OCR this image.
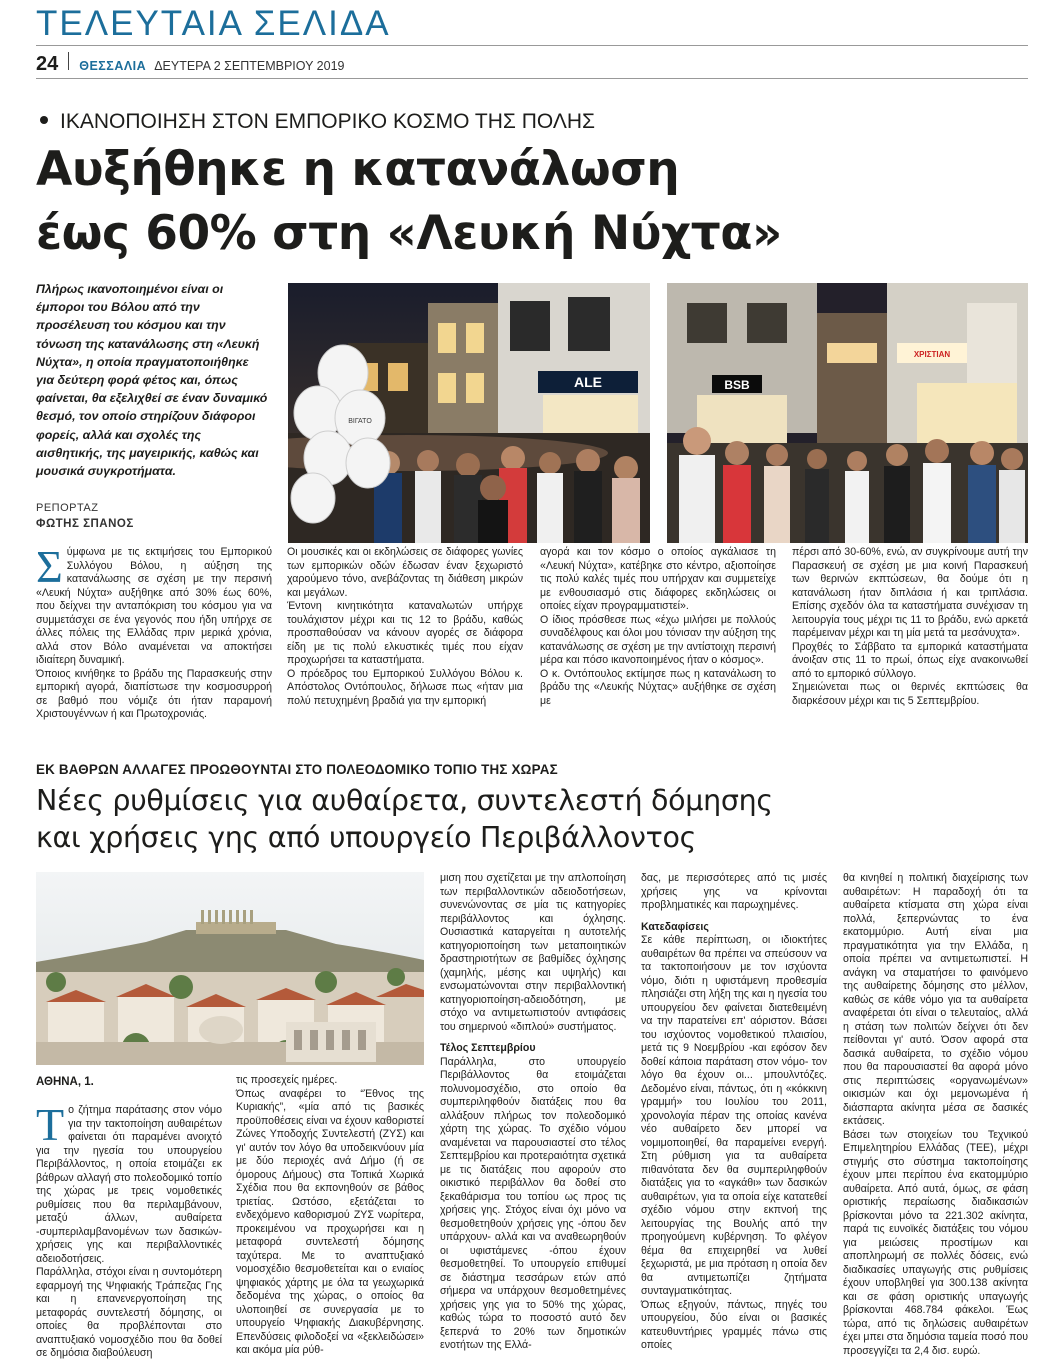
ΤΕΛΕΥΤΑΙΑ ΣΕΛΙΔΑ
24 ΘΕΣΣΑΛΙΑ ΔΕΥΤΕΡΑ 2 ΣΕΠΤΕΜΒΡΙΟΥ 2019
ΙΚΑΝΟΠΟΙΗΣΗ ΣΤΟΝ ΕΜΠΟΡΙΚΟ ΚΟΣΜΟ ΤΗΣ ΠΟΛΗΣ
Αυξήθηκε η κατανάλωση
έως 60% στη «Λευκή Νύχτα»
Πλήρως ικανοποιημένοι είναι οι έμποροι του Βόλου από την προσέλευση του κόσμου και την τόνωση της κατανάλωσης στη «Λευκή Νύχτα», η οποία πραγματοποιήθηκε για δεύτερη φορά φέτος και, όπως φαίνεται, θα εξελιχθεί σε έναν δυναμικό θεσμό, τον οποίο στηρίζουν διάφοροι φορείς, αλλά και σχολές της αισθητικής, της μαγειρικής, καθώς και μουσικά συγκροτήματα.
ΡΕΠΟΡΤΑΖ
ΦΩΤΗΣ ΣΠΑΝΟΣ
ALE
ΒΙΓΑΤΟ
BSB
ΧΡΙΣΤΙΑΝ
Σ ύμφωνα με τις εκτιμήσεις του Εμπορικού Συλλόγου Βόλου, η αύξηση της κατανάλωσης σε σχέση με την περσινή «Λευκή Νύχτα» αυξήθηκε από 30% έως 60%, που δείχνει την ανταπόκριση του κόσμου για να συμμετάσχει σε ένα γεγονός που ήδη υπήρχε σε άλλες πόλεις της Ελλάδας πριν μερικά χρόνια, αλλά στον Βόλο αναμένεται να αποκτήσει ιδιαίτερη δυναμική.

Όποιος κινήθηκε το βράδυ της Παρασκευής στην εμπορική αγορά, διαπίστωσε την κοσμοσυρροή σε βαθμό που νόμιζε ότι ήταν παραμονή Χριστουγέννων ή και Πρωτοχρονιάς.

Οι μουσικές και οι εκδηλώσεις σε διάφορες γωνίες των εμπορικών οδών έδωσαν έναν ξεχωριστό χαρούμενο τόνο, ανεβάζοντας τη διάθεση μικρών και μεγάλων.

Έντονη κινητικότητα καταναλωτών υπήρχε τουλάχιστον μέχρι και τις 12 το βράδυ, καθώς προσπαθούσαν να κάνουν αγορές σε διάφορα είδη με τις πολύ ελκυστικές τιμές που είχαν προχωρήσει τα καταστήματα.

Ο πρόεδρος του Εμπορικού Συλλόγου Βόλου κ. Απόστολος Οντόπουλος, δήλωσε πως «ήταν μια πολύ πετυχημένη βραδιά για την εμπορική

αγορά και τον κόσμο ο οποίος αγκάλιασε τη «Λευκή Νύχτα», κατέβηκε στο κέντρο, αξιοποίησε τις πολύ καλές τιμές που υπήρχαν και συμμετείχε με ενθουσιασμό στις διάφορες εκδηλώσεις οι οποίες είχαν προγραμματιστεί».

Ο ίδιος πρόσθεσε πως «έχω μιλήσει με πολλούς συναδέλφους και όλοι μου τόνισαν την αύξηση της κατανάλωσης σε σχέση με την αντίστοιχη περσινή μέρα και πόσο ικανοποιημένος ήταν ο κόσμος».

Ο κ. Οντόπουλος εκτίμησε πως η κατανάλωση το βράδυ της «Λευκής Νύχτας» αυξήθηκε σε σχέση με

πέρσι από 30-60%, ενώ, αν συγκρίνουμε αυτή την Παρασκευή σε σχέση με μια κοινή Παρασκευή των θερινών εκπτώσεων, θα δούμε ότι η κατανάλωση ήταν διπλάσια ή και τριπλάσια. Επίσης σχεδόν όλα τα καταστήματα συνέχισαν τη λειτουργία τους μέχρι τις 11 το βράδυ, ενώ αρκετά παρέμειναν μέχρι και τη μία μετά τα μεσάνυχτα».

Προχθές το Σάββατο τα εμπορικά καταστήματα άνοιξαν στις 11 το πρωί, όπως είχε ανακοινωθεί από το εμπορικό σύλλογο.

Σημειώνεται πως οι θερινές εκπτώσεις θα διαρκέσουν μέχρι και τις 5 Σεπτεμβρίου.

ΕΚ ΒΑΘΡΩΝ ΑΛΛΑΓΕΣ ΠΡΟΩΘΟΥΝΤΑΙ ΣΤΟ ΠΟΛΕΟΔΟΜΙΚΟ ΤΟΠΙΟ ΤΗΣ ΧΩΡΑΣ
Νέες ρυθμίσεις για αυθαίρετα, συντελεστή δόμησης
και χρήσεις γης από υπουργείο Περιβάλλοντος
ΑΘΗΝΑ, 1.
Τ ο ζήτημα παράτασης στον νόμο για την τακτοποίηση αυθαιρέτων φαίνεται ότι παραμένει ανοιχτό για την ηγεσία του υπουργείου Περιβάλλοντος, η οποία ετοιμάζει εκ βάθρων αλλαγή στο πολεοδομικό τοπίο της χώρας με τρεις νομοθετικές ρυθμίσεις που θα περιλαμβάνουν, μεταξύ άλλων, αυθαίρετα -συμπεριλαμβανομένων των δασικών- χρήσεις γης και περιβαλλοντικές αδειοδοτήσεις.

Παράλληλα, στόχοι είναι η συντομότερη εφαρμογή της Ψηφιακής Τράπεζας Γης και η επανενεργοποίηση της μεταφοράς συντελεστή δόμησης, οι οποίες θα προβλέπονται στο αναπτυξιακό νομοσχέδιο που θα δοθεί σε δημόσια διαβούλευση

τις προσεχείς ημέρες.

Όπως αναφέρει το “Έθνος της Κυριακής”, «μία από τις βασικές προϋποθέσεις είναι να έχουν καθοριστεί Ζώνες Υποδοχής Συντελεστή (ΖΥΣ) και γι' αυτόν τον λόγο θα υποδεικνύουν μία με δύο περιοχές ανά Δήμο (ή σε όμορους Δήμους) στα Τοπικά Χωρικά Σχέδια που θα εκπονηθούν σε βάθος τριετίας. Ωστόσο, εξετάζεται το ενδεχόμενο καθορισμού ΖΥΣ νωρίτερα, προκειμένου να προχωρήσει και η μεταφορά συντελεστή δόμησης ταχύτερα. Με το αναπτυξιακό νομοσχέδιο θεσμοθετείται και ο ενιαίος ψηφιακός χάρτης με όλα τα γεωχωρικά δεδομένα της χώρας, ο οποίος θα υλοποιηθεί σε συνεργασία με το υπουργείο Ψηφιακής Διακυβέρνησης. Επενδύσεις φιλοδοξεί να «ξεκλειδώσει» και ακόμα μία ρύθ-

μιση που σχετίζεται με την απλοποίηση των περιβαλλοντικών αδειοδοτήσεων, συνενώνοντας σε μία τις κατηγορίες περιβάλλοντος και όχλησης. Ουσιαστικά καταργείται η αυτοτελής κατηγοριοποίηση των μεταποιητικών δραστηριοτήτων σε βαθμίδες όχλησης (χαμηλής, μέσης και υψηλής) και ενσωματώνονται στην περιβαλλοντική κατηγοριοποίηση-αδειοδότηση, με στόχο να αντιμετωπιστούν αντιφάσεις του σημερινού «διπλού» συστήματος.

Τέλος Σεπτεμβρίου

Παράλληλα, στο υπουργείο Περιβάλλοντος θα ετοιμάζεται πολυνομοσχέδιο, στο οποίο θα συμπεριληφθούν διατάξεις που θα αλλάξουν πλήρως τον πολεοδομικό χάρτη της χώρας. Το σχέδιο νόμου αναμένεται να παρουσιαστεί στο τέλος Σεπτεμβρίου και προτεραιότητα σχετικά με τις διατάξεις που αφορούν στο οικιστικό περιβάλλον θα δοθεί στο ξεκαθάρισμα του τοπίου ως προς τις χρήσεις γης. Στόχος είναι όχι μόνο να θεσμοθετηθούν χρήσεις γης -όπου δεν υπάρχουν- αλλά και να αναθεωρηθούν οι υφιστάμενες -όπου έχουν θεσμοθετηθεί. Το υπουργείο επιθυμεί σε διάστημα τεσσάρων ετών από σήμερα να υπάρχουν θεσμοθετημένες χρήσεις γης για το 50% της χώρας, καθώς τώρα το ποσοστό αυτό δεν ξεπερνά το 20% των δημοτικών ενοτήτων της Ελλά-

δας, με περισσότερες από τις μισές χρήσεις γης να κρίνονται προβληματικές και παρωχημένες.

Κατεδαφίσεις

Σε κάθε περίπτωση, οι ιδιοκτήτες αυθαιρέτων θα πρέπει να σπεύσουν να τα τακτοποιήσουν με τον ισχύοντα νόμο, διότι η υφιστάμενη προθεσμία πλησιάζει στη λήξη της και η ηγεσία του υπουργείου δεν φαίνεται διατεθειμένη να την παρατείνει επ' αόριστον. Βάσει του ισχύοντος νομοθετικού πλαισίου, μετά τις 9 Νοεμβρίου -και εφόσον δεν δοθεί κάποια παράταση στον νόμο- τον λόγο θα έχουν οι... μπουλντόζες. Δεδομένο είναι, πάντως, ότι η «κόκκινη γραμμή» του Ιουλίου του 2011, χρονολογία πέραν της οποίας κανένα νέο αυθαίρετο δεν μπορεί να νομιμοποιηθεί, θα παραμείνει ενεργή. Στη ρύθμιση για τα αυθαίρετα πιθανότατα δεν θα συμπεριληφθούν διατάξεις για το «αγκάθι» των δασικών αυθαιρέτων, για τα οποία είχε κατατεθεί σχέδιο νόμου στην εκπνοή της λειτουργίας της Βουλής από την προηγούμενη κυβέρνηση. Το φλέγον θέμα θα επιχειρηθεί να λυθεί ξεχωριστά, με μια πρόταση η οποία δεν θα αντιμετωπίζει ζητήματα συνταγματικότητας.

Όπως εξηγούν, πάντως, πηγές του υπουργείου, δύο είναι οι βασικές κατευθυντήριες γραμμές πάνω στις οποίες

θα κινηθεί η πολιτική διαχείρισης των αυθαιρέτων: Η παραδοχή ότι τα αυθαίρετα κτίσματα στη χώρα είναι πολλά, ξεπερνώντας το ένα εκατομμύριο. Αυτή είναι μια πραγματικότητα για την Ελλάδα, η οποία πρέπει να αντιμετωπιστεί. Η ανάγκη να σταματήσει το φαινόμενο της αυθαίρετης δόμησης στο μέλλον, καθώς σε κάθε νόμο για τα αυθαίρετα αναφέρεται ότι είναι ο τελευταίος, αλλά η στάση των πολιτών δείχνει ότι δεν πείθονται γι' αυτό. Όσον αφορά στα δασικά αυθαίρετα, το σχέδιο νόμου που θα παρουσιαστεί θα αφορά μόνο στις περιπτώσεις «οργανωμένων» οικισμών και όχι μεμονωμένα ή διάσπαρτα ακίνητα μέσα σε δασικές εκτάσεις.

Βάσει των στοιχείων του Τεχνικού Επιμελητηρίου Ελλάδας (ΤΕΕ), μέχρι στιγμής στο σύστημα τακτοποίησης έχουν μπει περίπου ένα εκατομμύριο αυθαίρετα. Από αυτά, όμως, σε φάση οριστικής περαίωσης διαδικασιών βρίσκονται μόνο τα 221.302 ακίνητα, παρά τις ευνοϊκές διατάξεις του νόμου για μειώσεις προστίμων και αποπληρωμή σε πολλές δόσεις, ενώ διαδικασίες υπαγωγής στις ρυθμίσεις έχουν υποβληθεί για 300.138 ακίνητα και σε φάση οριστικής υπαγωγής βρίσκονται 468.784 φάκελοι. Έως τώρα, από τις δηλώσεις αυθαιρέτων έχει μπει στα δημόσια ταμεία ποσό που προσεγγίζει τα 2,4 δισ. ευρώ.
